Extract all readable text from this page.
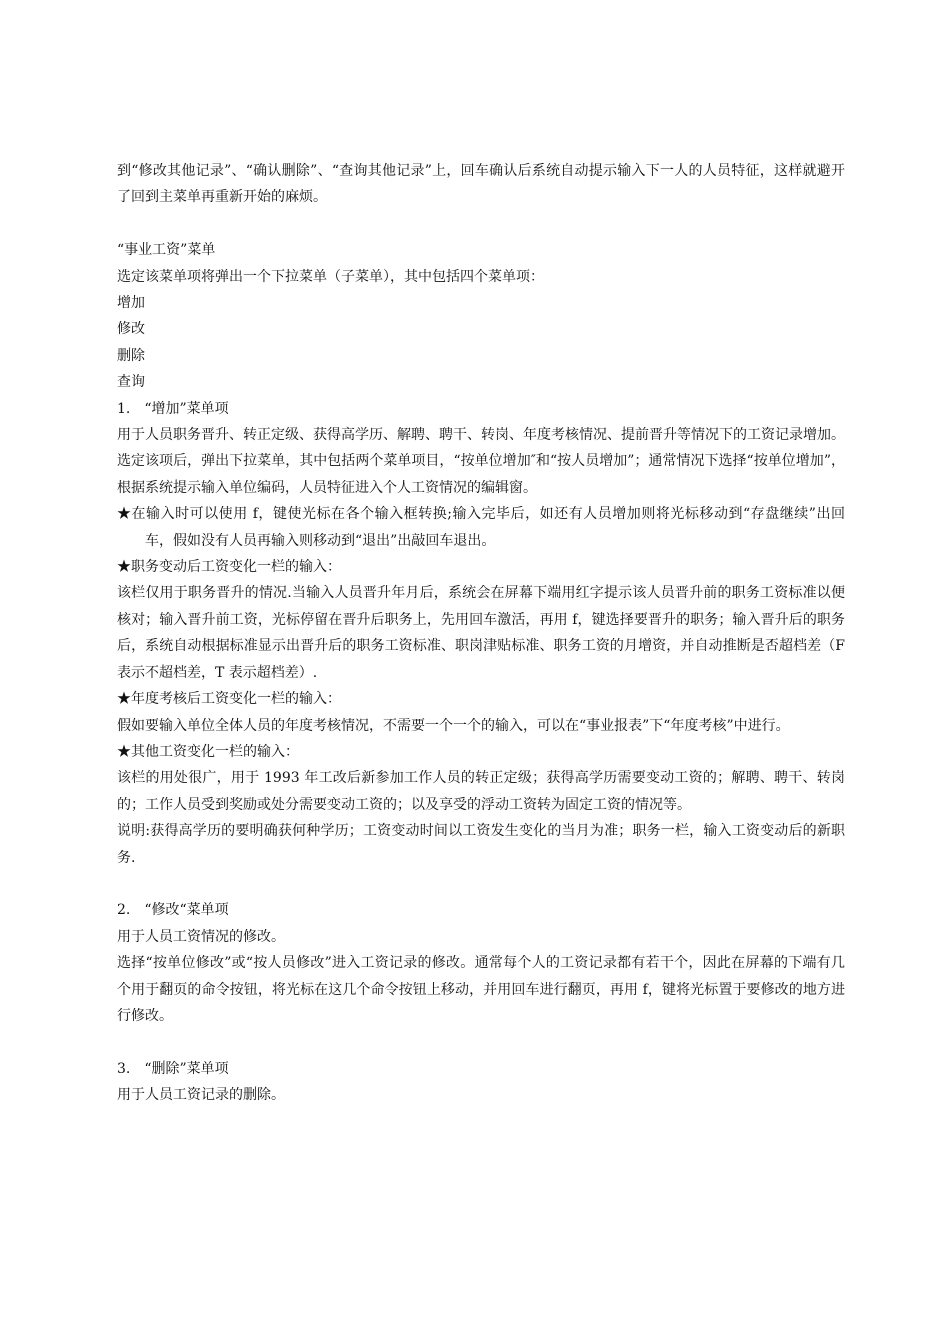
到“修改其他记录”、“确认删除”、“查询其他记录”上，回车确认后系统自动提示输入下一人的人员特征，这样就避开了回到主菜单再重新开始的麻烦。

“事业工资”菜单

选定该菜单项将弹出一个下拉菜单（子菜单），其中包括四个菜单项：

增加

修改

删除

查询

1.　“增加”菜单项

用于人员职务晋升、转正定级、获得高学历、解聘、聘干、转岗、年度考核情况、提前晋升等情况下的工资记录增加。

选定该项后，弹出下拉菜单，其中包括两个菜单项目，“按单位增加″和“按人员增加”；通常情况下选择“按单位增加”，根据系统提示输入单位编码，人员特征进入个人工资情况的编辑窗。

★在输入时可以使用 f，键使光标在各个输入框转换;输入完毕后，如还有人员增加则将光标移动到“存盘继续”出回车，假如没有人员再输入则移动到“退出”出敲回车退出。

★职务变动后工资变化一栏的输入：

该栏仅用于职务晋升的情况.当输入人员晋升年月后，系统会在屏幕下端用红字提示该人员晋升前的职务工资标准以便核对；输入晋升前工资，光标停留在晋升后职务上，先用回车激活，再用 f，键选择要晋升的职务；输入晋升后的职务后，系统自动根据标准显示出晋升后的职务工资标准、职岗津贴标准、职务工资的月增资，并自动推断是否超档差（F 表示不超档差，T 表示超档差）.

★年度考核后工资变化一栏的输入：

假如要输入单位全体人员的年度考核情况，不需要一个一个的输入，可以在“事业报表”下“年度考核”中进行。

★其他工资变化一栏的输入：

该栏的用处很广，用于 1993 年工改后新参加工作人员的转正定级；获得高学历需要变动工资的；解聘、聘干、转岗的；工作人员受到奖励或处分需要变动工资的；以及享受的浮动工资转为固定工资的情况等。

说明:获得高学历的要明确获何种学历；工资变动时间以工资发生变化的当月为准；职务一栏，输入工资变动后的新职务.

2.　“修改“菜单项

用于人员工资情况的修改。

选择“按单位修改”或“按人员修改”进入工资记录的修改。通常每个人的工资记录都有若干个，因此在屏幕的下端有几个用于翻页的命令按钮，将光标在这几个命令按钮上移动，并用回车进行翻页，再用 f，键将光标置于要修改的地方进行修改。

3.　“删除”菜单项

用于人员工资记录的删除。
